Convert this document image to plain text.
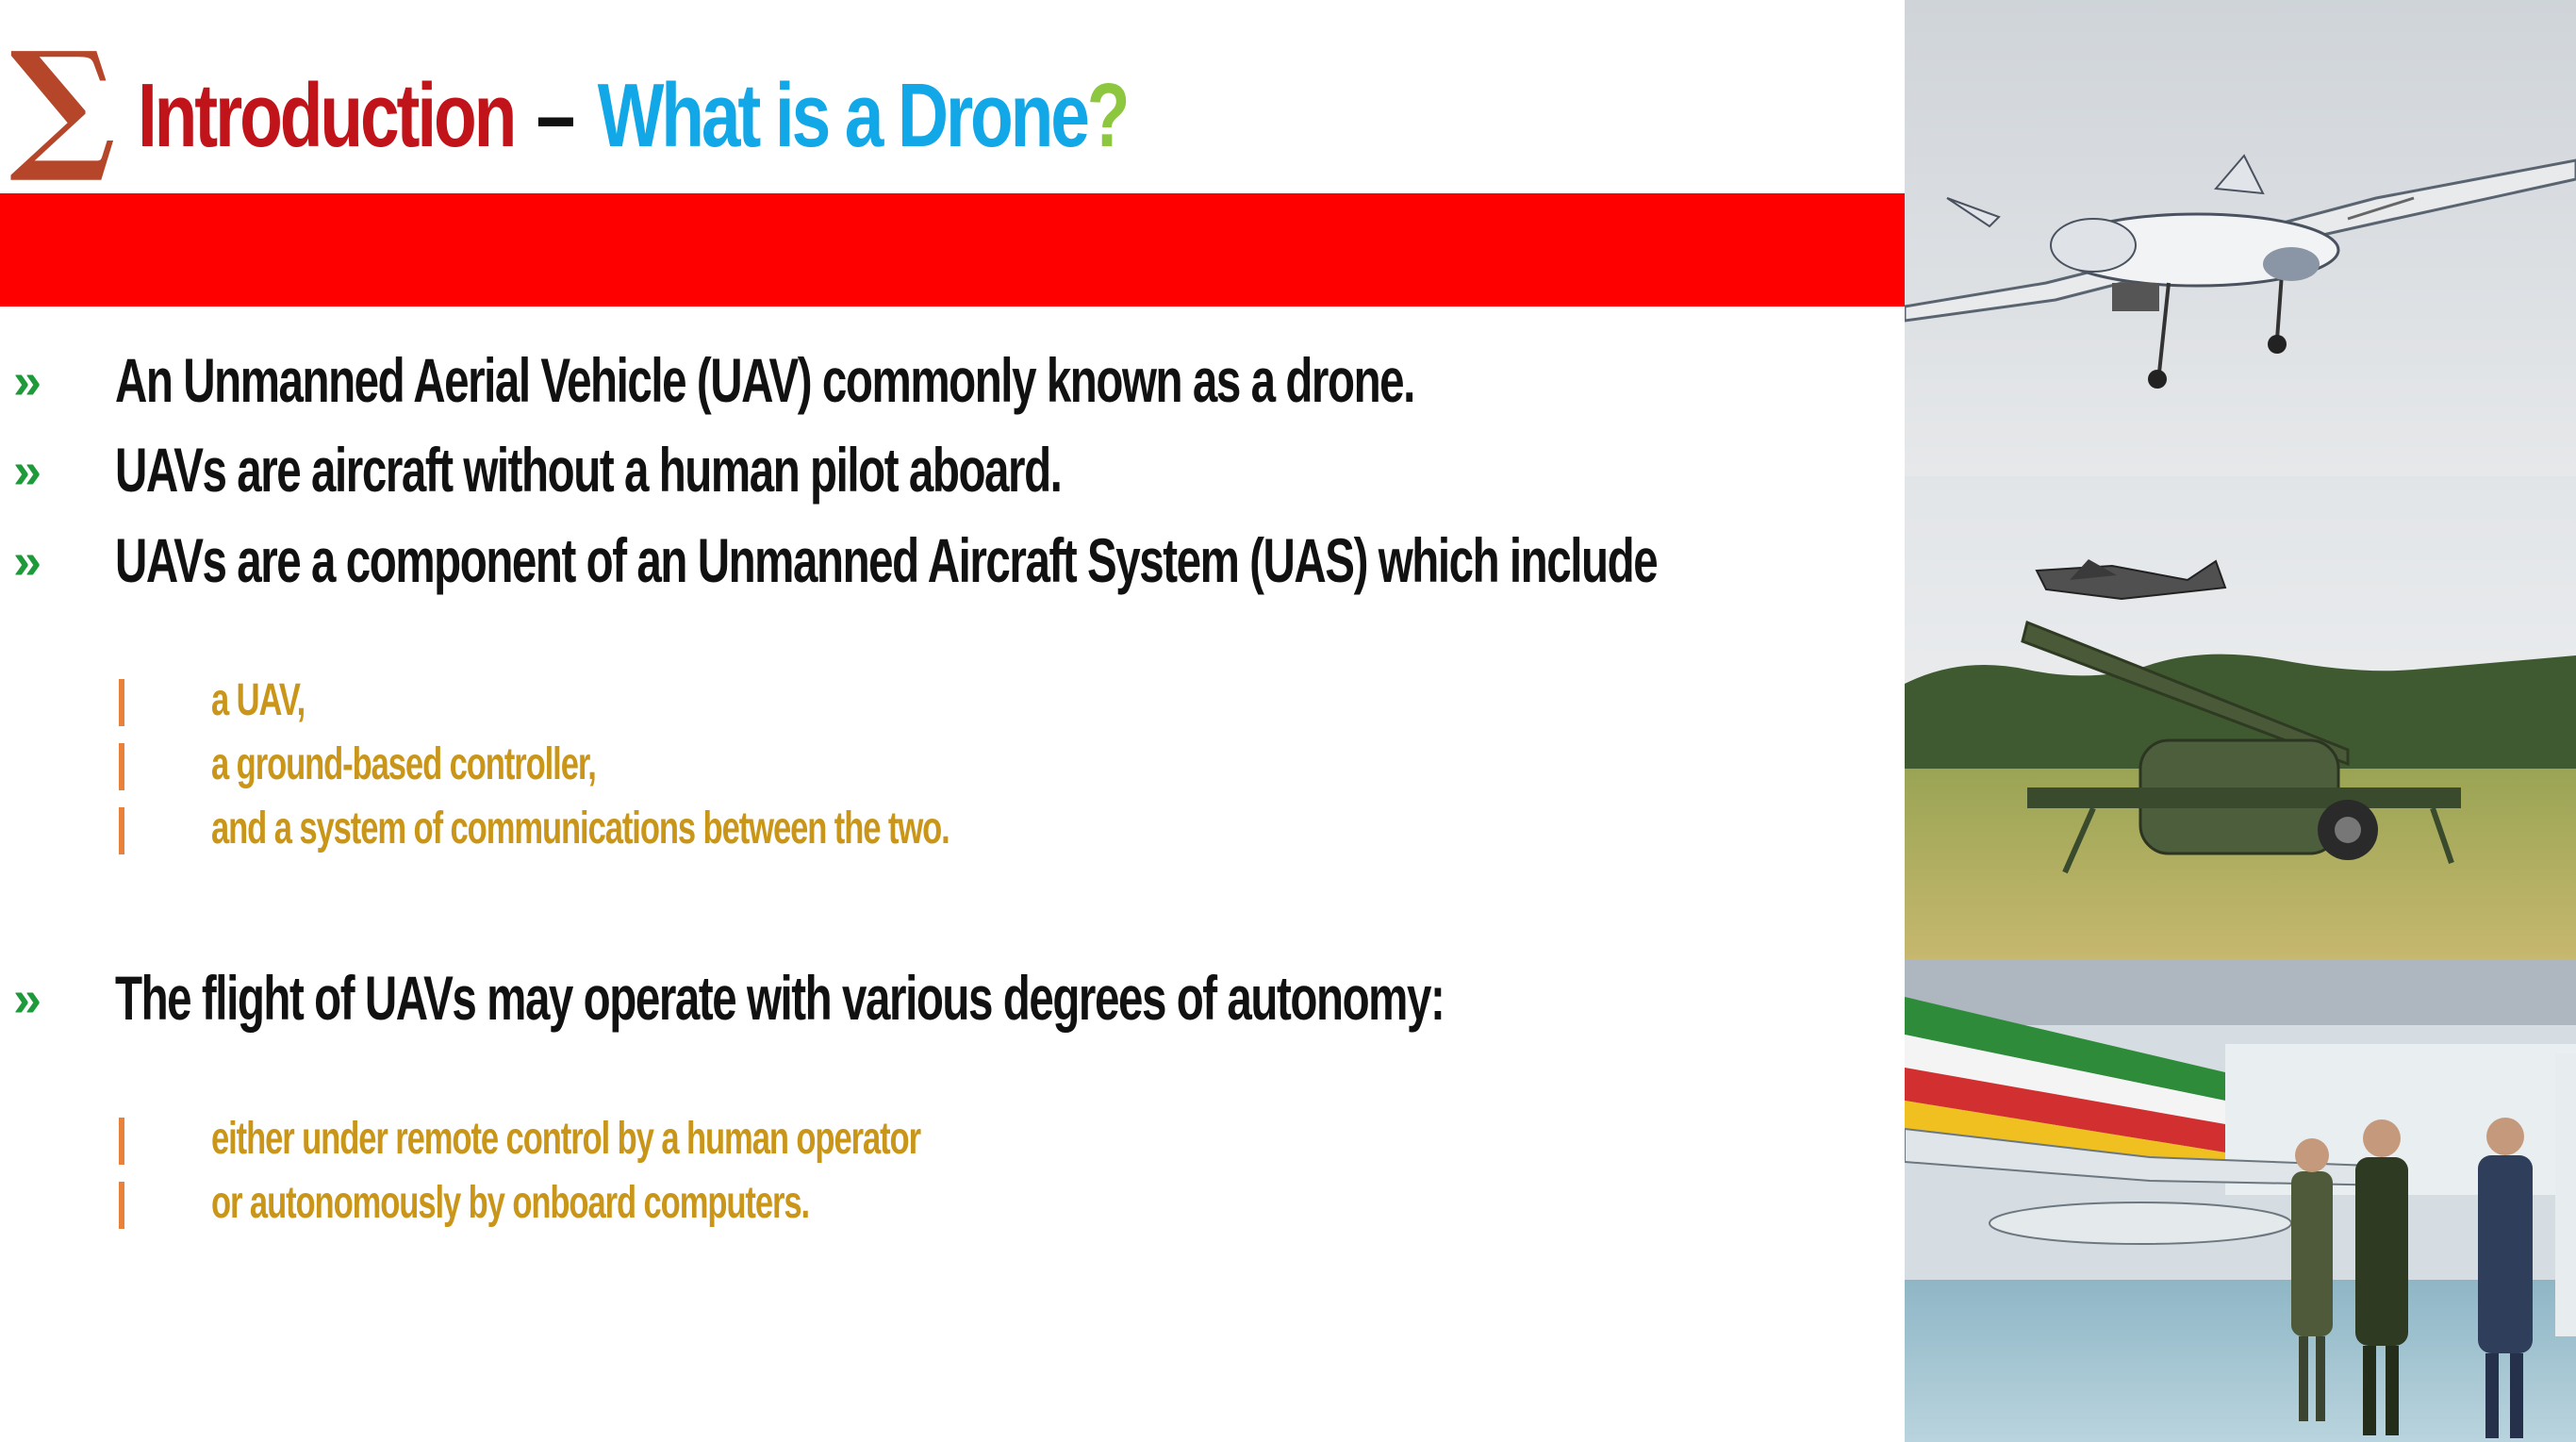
∑ Introduction – What is a Drone?
»	An Unmanned Aerial Vehicle (UAV) commonly known as a drone.
»	UAVs are aircraft without a human pilot aboard.
»	UAVs are a component of an Unmanned Aircraft System (UAS) which include
a UAV,
a ground-based controller,
and a system of communications between the two.
»	The flight of UAVs may operate with various degrees of autonomy:
either under remote control by a human operator
or autonomously by onboard computers.
